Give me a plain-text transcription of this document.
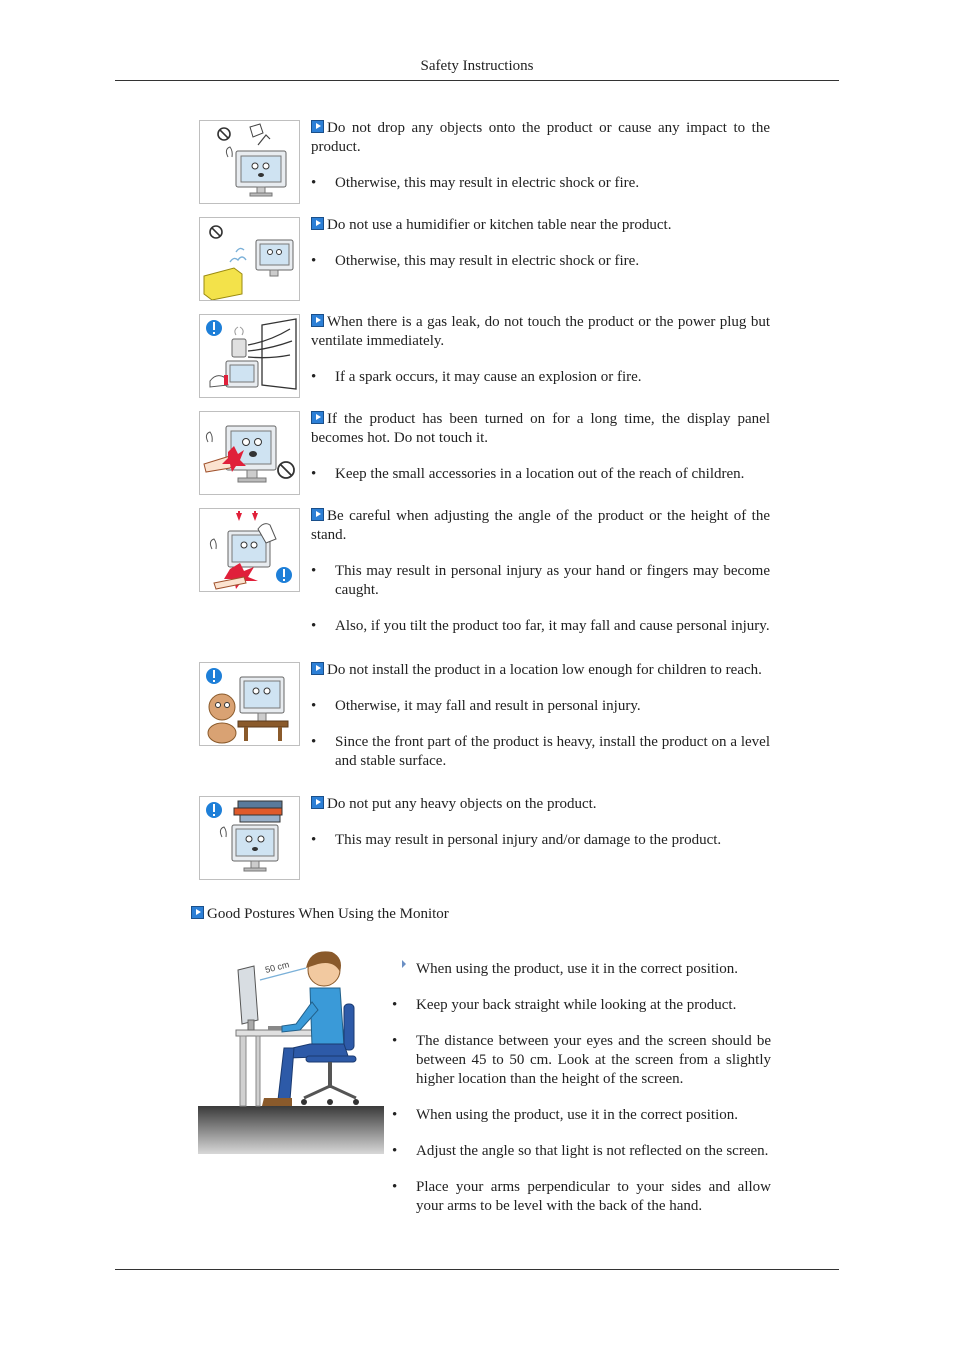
Safety Instructions

Do not drop any objects onto the product or cause any impact to the product.

• Otherwise, this may result in electric shock or fire.

Do not use a humidifier or kitchen table near the product.

• Otherwise, this may result in electric shock or fire.

When there is a gas leak, do not touch the product or the power plug but ventilate immediately.

• If a spark occurs, it may cause an explosion or fire.

If the product has been turned on for a long time, the display panel becomes hot. Do not touch it.

• Keep the small accessories in a location out of the reach of children.

Be careful when adjusting the angle of the product or the height of the stand.

• This may result in personal injury as your hand or fingers may become caught.
• Also, if you tilt the product too far, it may fall and cause personal injury.

Do not install the product in a location low enough for children to reach.

• Otherwise, it may fall and result in personal injury.
• Since the front part of the product is heavy, install the product on a level and stable surface.

Do not put any heavy objects on the product.

• This may result in personal injury and/or damage to the product.
Good Postures When Using the Monitor
50 cm	When using the product, use it in the correct position.

• Keep your back straight while looking at the product.
• The distance between your eyes and the screen should be between 45 to 50 cm. Look at the screen from a slightly higher location than the height of the screen.
• When using the product, use it in the correct position.
• Adjust the angle so that light is not reflected on the screen.
• Place your arms perpendicular to your sides and allow your arms to be level with the back of the hand.
